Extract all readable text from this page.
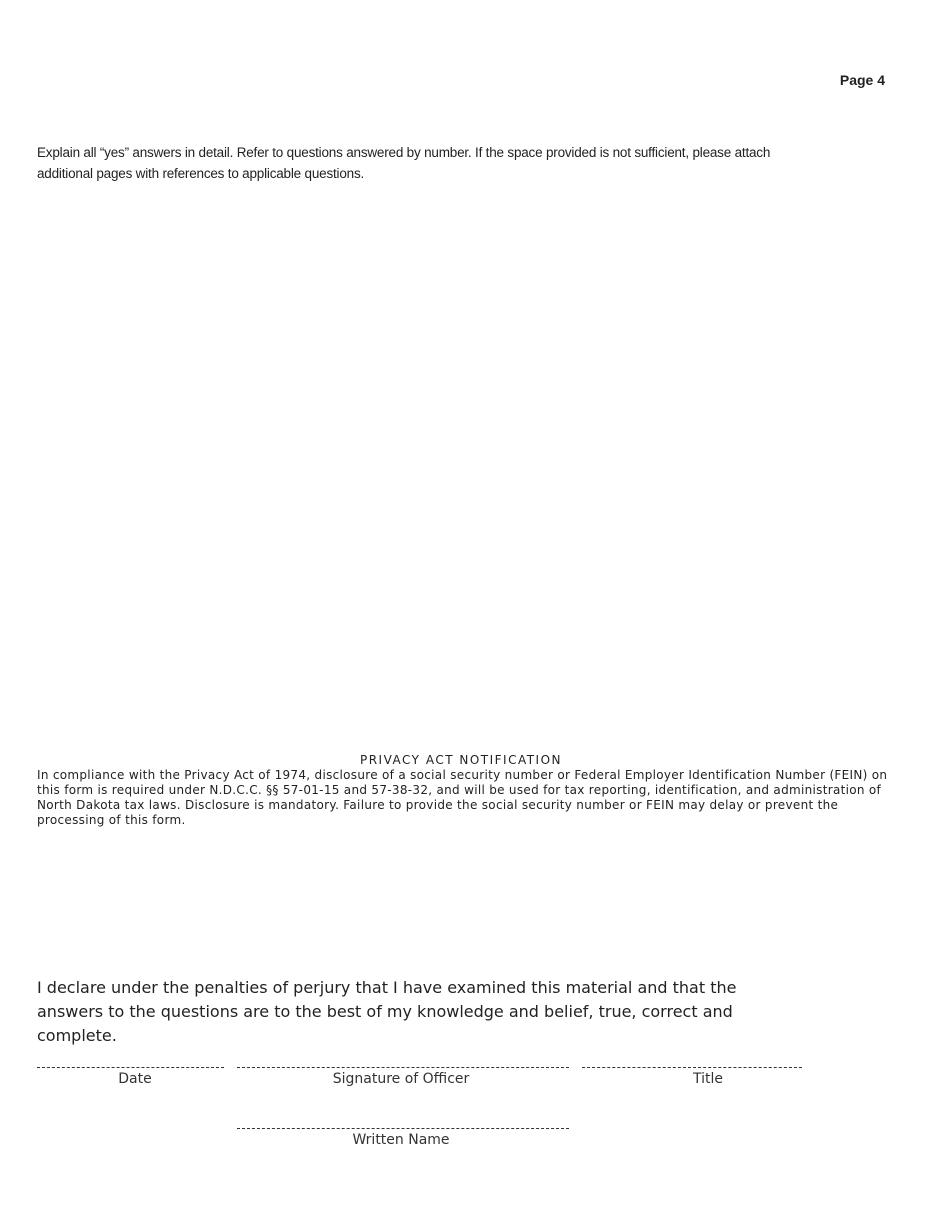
Page 4
Explain all “yes” answers in detail. Refer to questions answered by number. If the space provided is not sufficient, please attach additional pages with references to applicable questions.
PRIVACY ACT NOTIFICATION
In compliance with the Privacy Act of 1974, disclosure of a social security number or Federal Employer Identification Number (FEIN) on this form is required under N.D.C.C. §§ 57-01-15 and 57-38-32, and will be used for tax reporting, identification, and administration of North Dakota tax laws. Disclosure is mandatory. Failure to provide the social security number or FEIN may delay or prevent the processing of this form.
I declare under the penalties of perjury that I have examined this material and that the answers to the questions are to the best of my knowledge and belief, true, correct and complete.
Date	Signature of Officer	Title
Written Name
